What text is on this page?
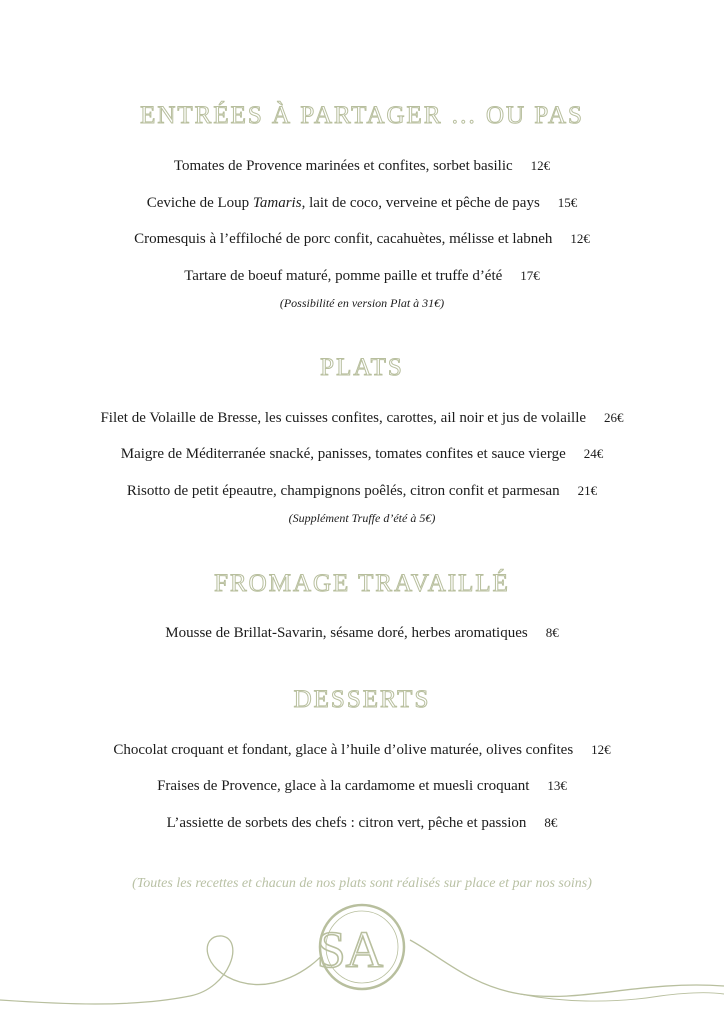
ENTRÉES À PARTAGER … OU PAS
Tomates de Provence marinées et confites, sorbet basilic 12€
Ceviche de Loup Tamaris, lait de coco, verveine et pêche de pays 15€
Cromesquis à l’effiloché de porc confit, cacahuètes, mélisse et labneh 12€
Tartare de boeuf maturé, pomme paille et truffe d’été 17€
(Possibilité en version Plat à 31€)
PLATS
Filet de Volaille de Bresse, les cuisses confites, carottes, ail noir et jus de volaille 26€
Maigre de Méditerranée snacké, panisses, tomates confites et sauce vierge 24€
Risotto de petit épeautre, champignons poêlés, citron confit et parmesan 21€
(Supplément Truffe d’été à 5€)
FROMAGE TRAVAILLÉ
Mousse de Brillat-Savarin, sésame doré, herbes aromatiques 8€
DESSERTS
Chocolat croquant et fondant, glace à l’huile d’olive maturée, olives confites 12€
Fraises de Provence, glace à la cardamome et muesli croquant 13€
L’assiette de sorbets des chefs : citron vert, pêche et passion 8€
(Toutes les recettes et chacun de nos plats sont réalisés sur place et par nos soins)
SA
